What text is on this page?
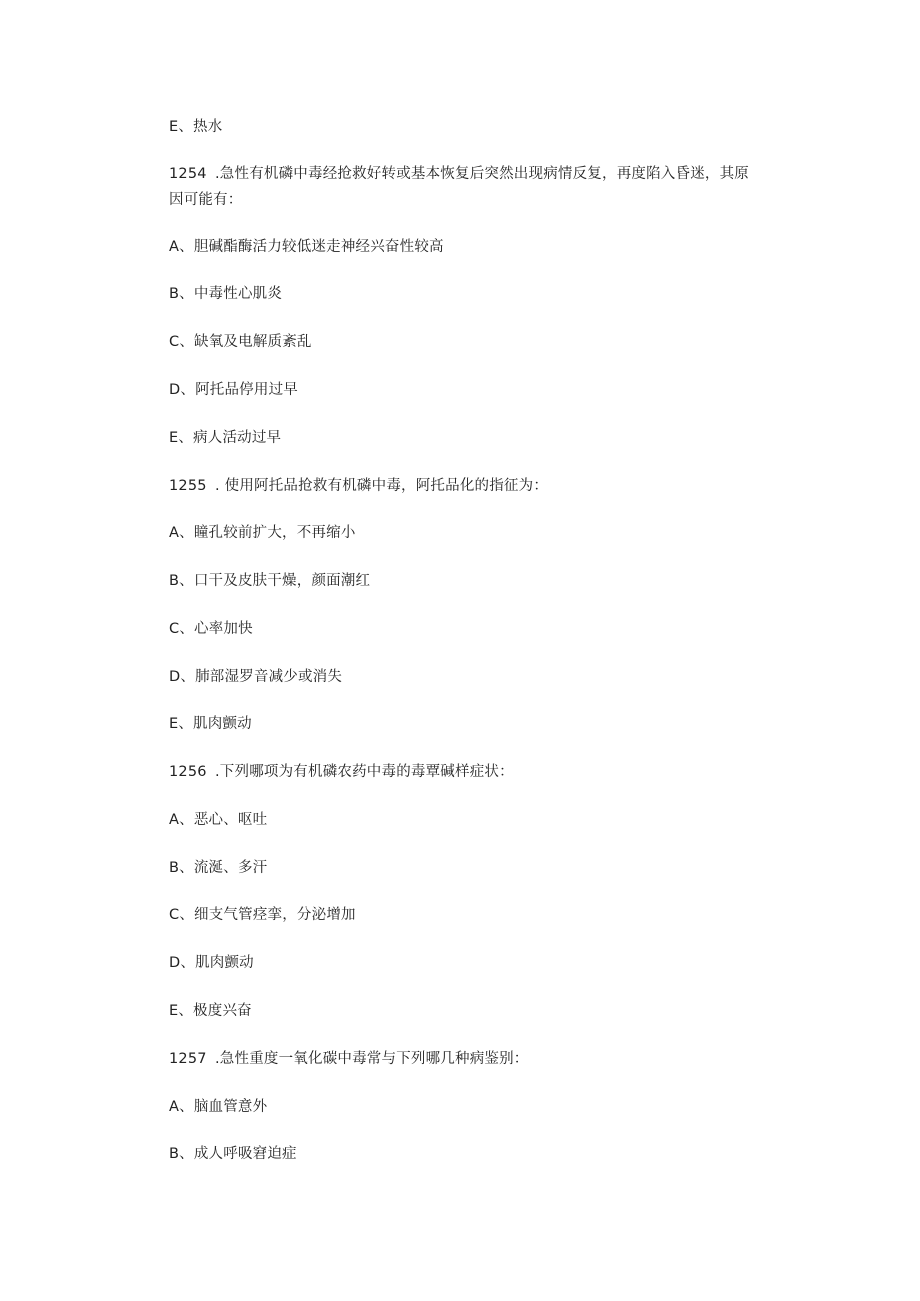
E、热水
1254 .急性有机磷中毒经抢救好转或基本恢复后突然出现病情反复，再度陷入昏迷，其原
因可能有：
A、胆碱酯酶活力较低迷走神经兴奋性较高
B、中毒性心肌炎
C、缺氧及电解质紊乱
D、阿托品停用过早
E、病人活动过早
1255 . 使用阿托品抢救有机磷中毒，阿托品化的指征为：
A、瞳孔较前扩大，不再缩小
B、口干及皮肤干燥，颜面潮红
C、心率加快
D、肺部湿罗音减少或消失
E、肌肉颤动
1256 .下列哪项为有机磷农药中毒的毒覃碱样症状：
A、恶心、呕吐
B、流涎、多汗
C、细支气管痉挛，分泌增加
D、肌肉颤动
E、极度兴奋
1257 .急性重度一氧化碳中毒常与下列哪几种病鉴别：
A、脑血管意外
B、成人呼吸窘迫症
